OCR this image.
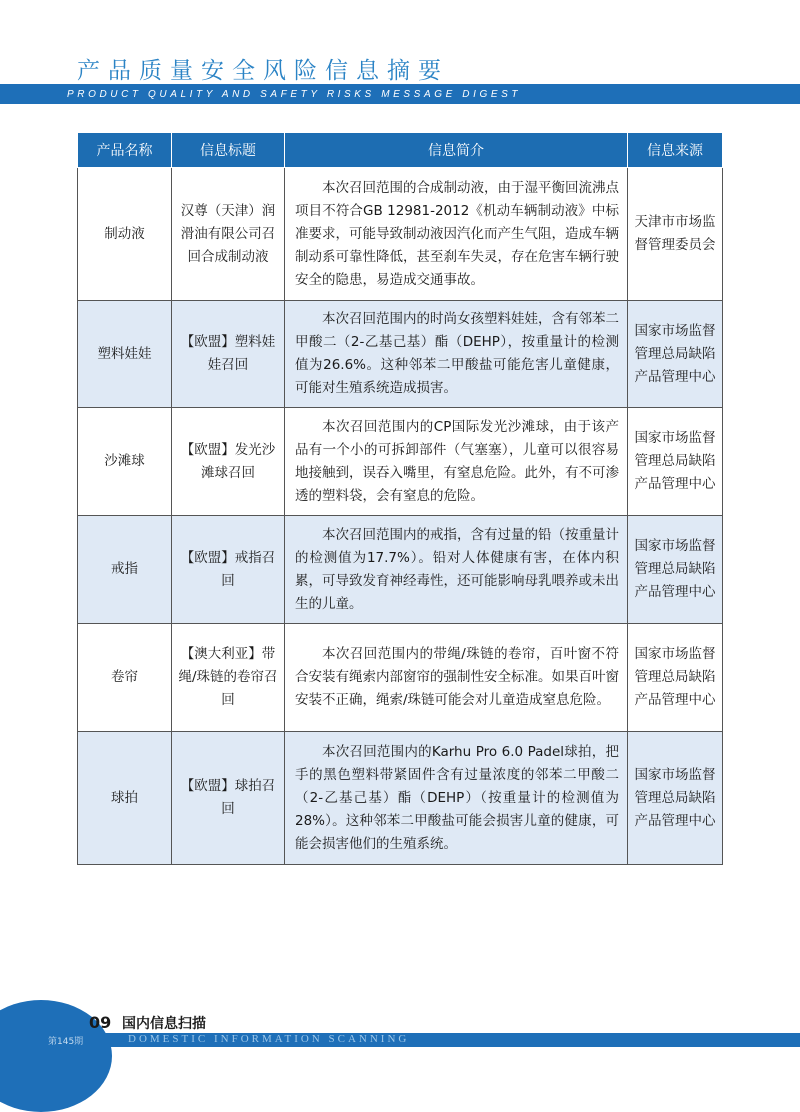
产品质量安全风险信息摘要
PRODUCT QUALITY AND SAFETY RISKS MESSAGE DIGEST
产品名称	信息标题	信息简介	信息来源
制动液	汉尊（天津）润滑油有限公司召回合成制动液	本次召回范围的合成制动液，由于湿平衡回流沸点项目不符合GB 12981-2012《机动车辆制动液》中标准要求，可能导致制动液因汽化而产生气阻，造成车辆制动系可靠性降低，甚至刹车失灵，存在危害车辆行驶安全的隐患，易造成交通事故。	天津市市场监督管理委员会
塑料娃娃	【欧盟】塑料娃娃召回	本次召回范围内的时尚女孩塑料娃娃，含有邻苯二甲酸二（2-乙基己基）酯（DEHP），按重量计的检测值为26.6%。这种邻苯二甲酸盐可能危害儿童健康，可能对生殖系统造成损害。	国家市场监督管理总局缺陷产品管理中心
沙滩球	【欧盟】发光沙滩球召回	本次召回范围内的CP国际发光沙滩球，由于该产品有一个小的可拆卸部件（气塞塞），儿童可以很容易地接触到，误吞入嘴里，有窒息危险。此外，有不可渗透的塑料袋，会有窒息的危险。	国家市场监督管理总局缺陷产品管理中心
戒指	【欧盟】戒指召回	本次召回范围内的戒指，含有过量的铅（按重量计的检测值为17.7%）。铅对人体健康有害，在体内积累，可导致发育神经毒性，还可能影响母乳喂养或未出生的儿童。	国家市场监督管理总局缺陷产品管理中心
卷帘	【澳大利亚】带绳/珠链的卷帘召回	本次召回范围内的带绳/珠链的卷帘，百叶窗不符合安装有绳索内部窗帘的强制性安全标准。如果百叶窗安装不正确，绳索/珠链可能会对儿童造成窒息危险。	国家市场监督管理总局缺陷产品管理中心
球拍	【欧盟】球拍召回	本次召回范围内的Karhu Pro 6.0 Padel球拍，把手的黑色塑料带紧固件含有过量浓度的邻苯二甲酸二（2-乙基己基）酯（DEHP）（按重量计的检测值为28%）。这种邻苯二甲酸盐可能会损害儿童的健康，可能会损害他们的生殖系统。	国家市场监督管理总局缺陷产品管理中心
09
第145期
国内信息扫描
DOMESTIC INFORMATION SCANNING
